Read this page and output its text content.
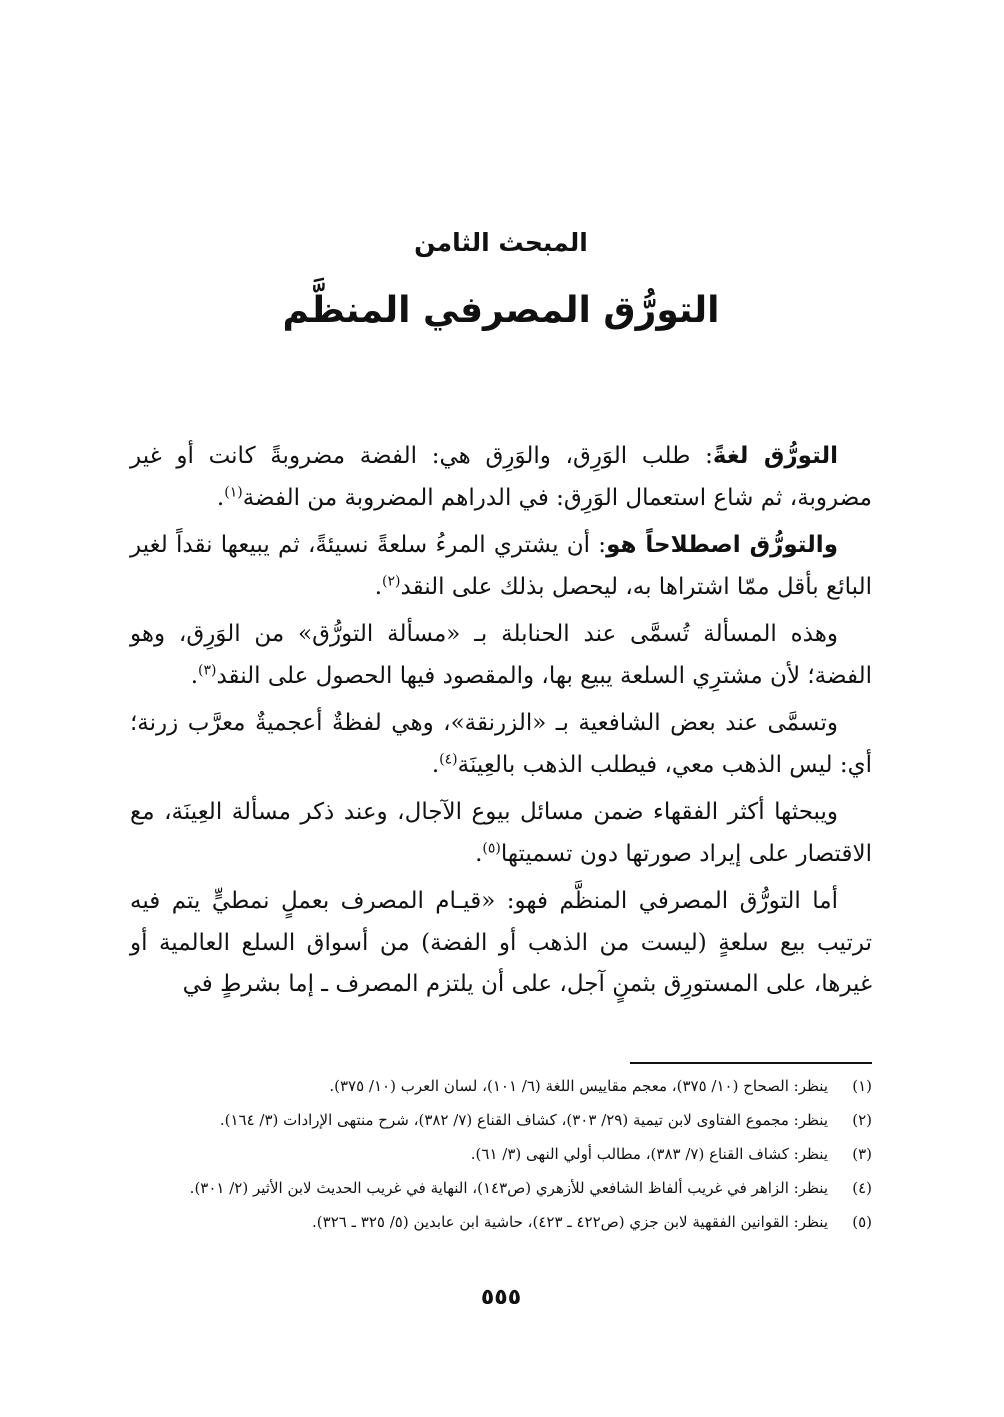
المبحث الثامن
التورُّق المصرفي المنظَّم

التورُّق لغةً: طلب الوَرِق، والوَرِق هي: الفضة مضروبةً كانت أو غير مضروبة، ثم شاع استعمال الوَرِق: في الدراهم المضروبة من الفضة$^{(١)}$.

والتورُّق اصطلاحاً هو: أن يشتري المرءُ سلعةً نسيئةً، ثم يبيعها نقداً لغير البائع بأقل ممّا اشتراها به، ليحصل بذلك على النقد$^{(٢)}$.

وهذه المسألة تُسمَّى عند الحنابلة بـ «مسألة التورُّق» من الوَرِق، وهو الفضة؛ لأن مشترِي السلعة يبيع بها، والمقصود فيها الحصول على النقد$^{(٣)}$.

وتسمَّى عند بعض الشافعية بـ «الزرنقة»، وهي لفظةٌ أعجميةٌ معرَّب زرنة؛ أي: ليس الذهب معي، فيطلب الذهب بالعِينَة$^{(٤)}$.

ويبحثها أكثر الفقهاء ضمن مسائل بيوع الآجال، وعند ذكر مسألة العِينَة، مع الاقتصار على إيراد صورتها دون تسميتها$^{(٥)}$.

أما التورُّق المصرفي المنظَّم فهو: «قيـام المصرف بعملٍ نمطيٍّ يتم فيه ترتيب بيع سلعةٍ (ليست من الذهب أو الفضة) من أسواق السلع العالمية أو غيرها، على المستورِق بثمنٍ آجل، على أن يلتزم المصرف ـ إما بشرطٍ في

(١)
ينظر: الصحاح (١٠/ ٣٧٥)، معجم مقاييس اللغة (٦/ ١٠١)، لسان العرب (١٠/ ٣٧٥).
(٢)
ينظر: مجموع الفتاوى لابن تيمية (٢٩/ ٣٠٣)، كشاف القناع (٧/ ٣٨٢)، شرح منتهى الإرادات (٣/ ١٦٤).
(٣)
ينظر: كشاف القناع (٧/ ٣٨٣)، مطالب أولي النهى (٣/ ٦١).
(٤)
ينظر: الزاهر في غريب ألفاظ الشافعي للأزهري (ص١٤٣)، النهاية في غريب الحديث لابن الأثير (٢/ ٣٠١).
(٥)
ينظر: القوانين الفقهية لابن جزي (ص٤٢٢ ـ ٤٢٣)، حاشية ابن عابدين (٥/ ٣٢٥ ـ ٣٢٦).
٥٥٥
